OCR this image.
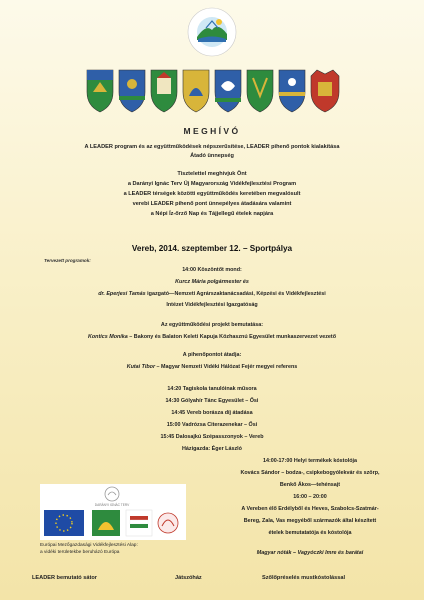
MEGHÍVÓ
A LEADER program és az együttműködések népszerűsítése, LEADER pihenő pontok kialakítása
Átadó ünnepség
Tisztelettel meghívjuk Önt
a Darányi Ignác Terv Új Magyarország Vidékfejlesztési Program
a LEADER térségek közötti együttműködés keretében megvalósult
verebi LEADER pihenő pont ünnepélyes átadására valamint
a Népi Íz-őrző Nap és Tájjellegű ételek napjára
Vereb, 2014. szeptember 12. – Sportpálya
Tervezett programok:
14:00 Köszöntőt mond:
Kurcz Mária polgármester és
dr. Eperjesi Tamás igazgató—Nemzeti Agrárszaktanácsadási, Képzési és Vidékfejlesztési
Intézet Vidékfejlesztési Igazgatóság
Az együttműködési projekt bemutatása:
Kontics Monika – Bakony és Balaton Keleti Kapuja Közhasznú Egyesület munkaszervezet vezető
A pihenőpontot átadja:
Kutai Tibor – Magyar Nemzeti Vidéki Hálózat Fejér megyei referens
14:20 Tagiskola tanulóinak műsora
14:30 Gólyahír Tánc Egyesület – Ősi
14:45 Vereb borásza díj átadása
15:00 Vadrózsa Citerazenekar – Ősi
15:45 Dalosajkú Szépasszonyok – Vereb
Házigazda: Éger László
14:00-17:00 Helyi termékek kóstolója
Kovács Sándor – bodza-, csipkebogyólekvár és szörp,
Benkő Ákos—tehénsajt
16:00 – 20:00
A Vereben élő Erdélyből és Heves, Szabolcs-Szatmár-
Bereg, Zala, Vas megyéből származók által készített
ételek bemutatatója és kóstolója
Magyar nóták – Vagyóczki Imre és barátai
DARÁNYI IGNÁC TERV
Európai Mezőgazdasági Vidékfejlesztési Alap:
a vidéki területekbe beruházó Európa
LEADER bemutató sátor	Játszóház	Szőlőpréselés mustkóstolással
